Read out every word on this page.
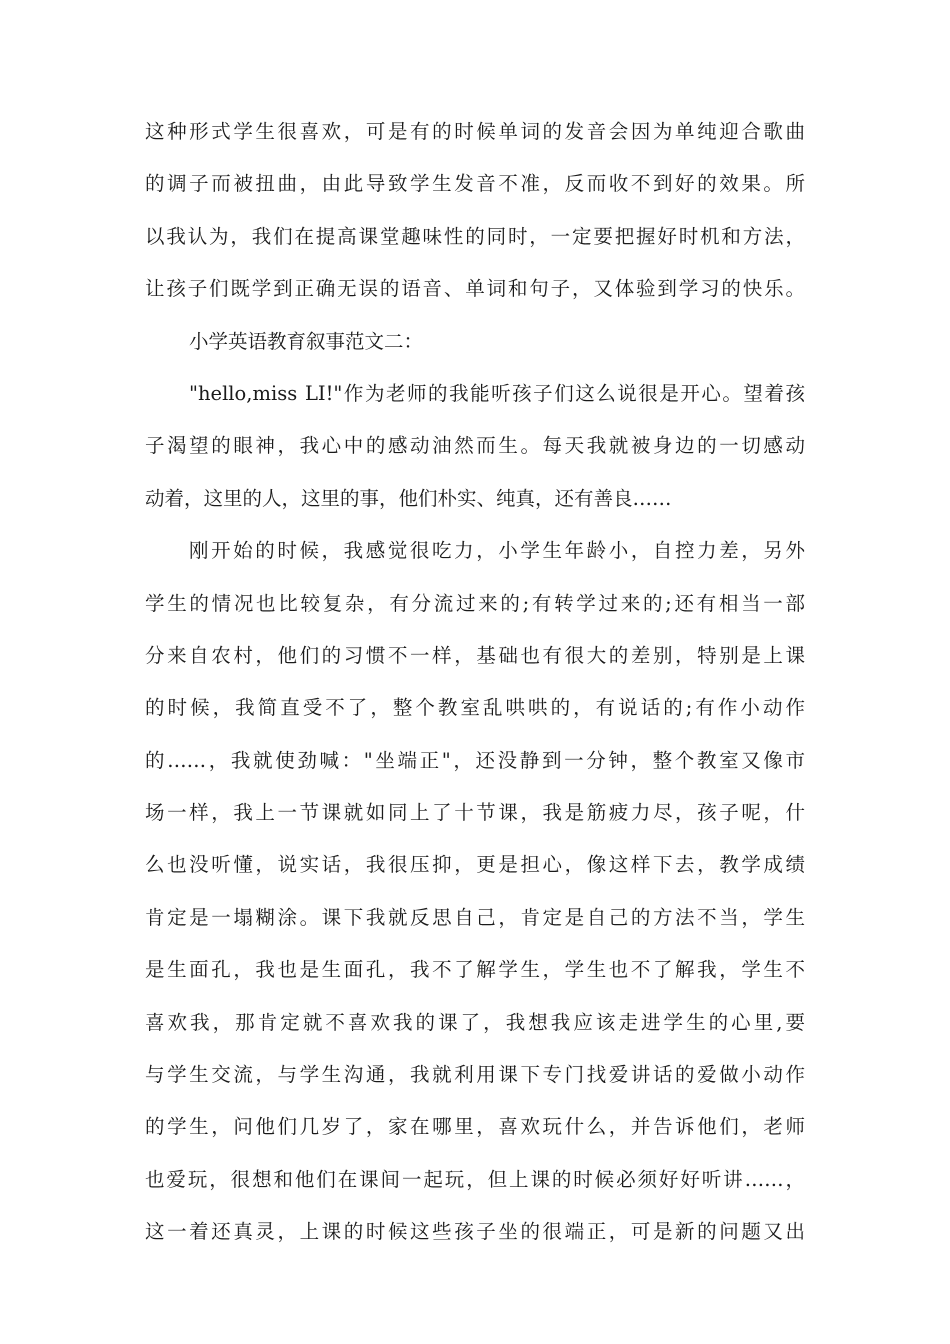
这种形式学生很喜欢，可是有的时候单词的发音会因为单纯迎合歌曲
的调子而被扭曲，由此导致学生发音不准，反而收不到好的效果。所
以我认为，我们在提高课堂趣味性的同时，一定要把握好时机和方法，
让孩子们既学到正确无误的语音、单词和句子，又体验到学习的快乐。
小学英语教育叙事范文二：
"hello,miss LI!"作为老师的我能听孩子们这么说很是开心。望着孩
子渴望的眼神，我心中的感动油然而生。每天我就被身边的一切感动
动着，这里的人，这里的事，他们朴实、纯真，还有善良……
刚开始的时候，我感觉很吃力，小学生年龄小，自控力差，另外
学生的情况也比较复杂，有分流过来的;有转学过来的;还有相当一部
分来自农村，他们的习惯不一样，基础也有很大的差别，特别是上课
的时候，我简直受不了，整个教室乱哄哄的，有说话的;有作小动作
的……，我就使劲喊："坐端正"，还没静到一分钟，整个教室又像市
场一样，我上一节课就如同上了十节课，我是筋疲力尽，孩子呢，什
么也没听懂，说实话，我很压抑，更是担心，像这样下去，教学成绩
肯定是一塌糊涂。课下我就反思自己，肯定是自己的方法不当，学生
是生面孔，我也是生面孔，我不了解学生，学生也不了解我，学生不
喜欢我，那肯定就不喜欢我的课了，我想我应该走进学生的心里,要
与学生交流，与学生沟通，我就利用课下专门找爱讲话的爱做小动作
的学生，问他们几岁了，家在哪里，喜欢玩什么，并告诉他们，老师
也爱玩，很想和他们在课间一起玩，但上课的时候必须好好听讲……，
这一着还真灵，上课的时候这些孩子坐的很端正，可是新的问题又出
